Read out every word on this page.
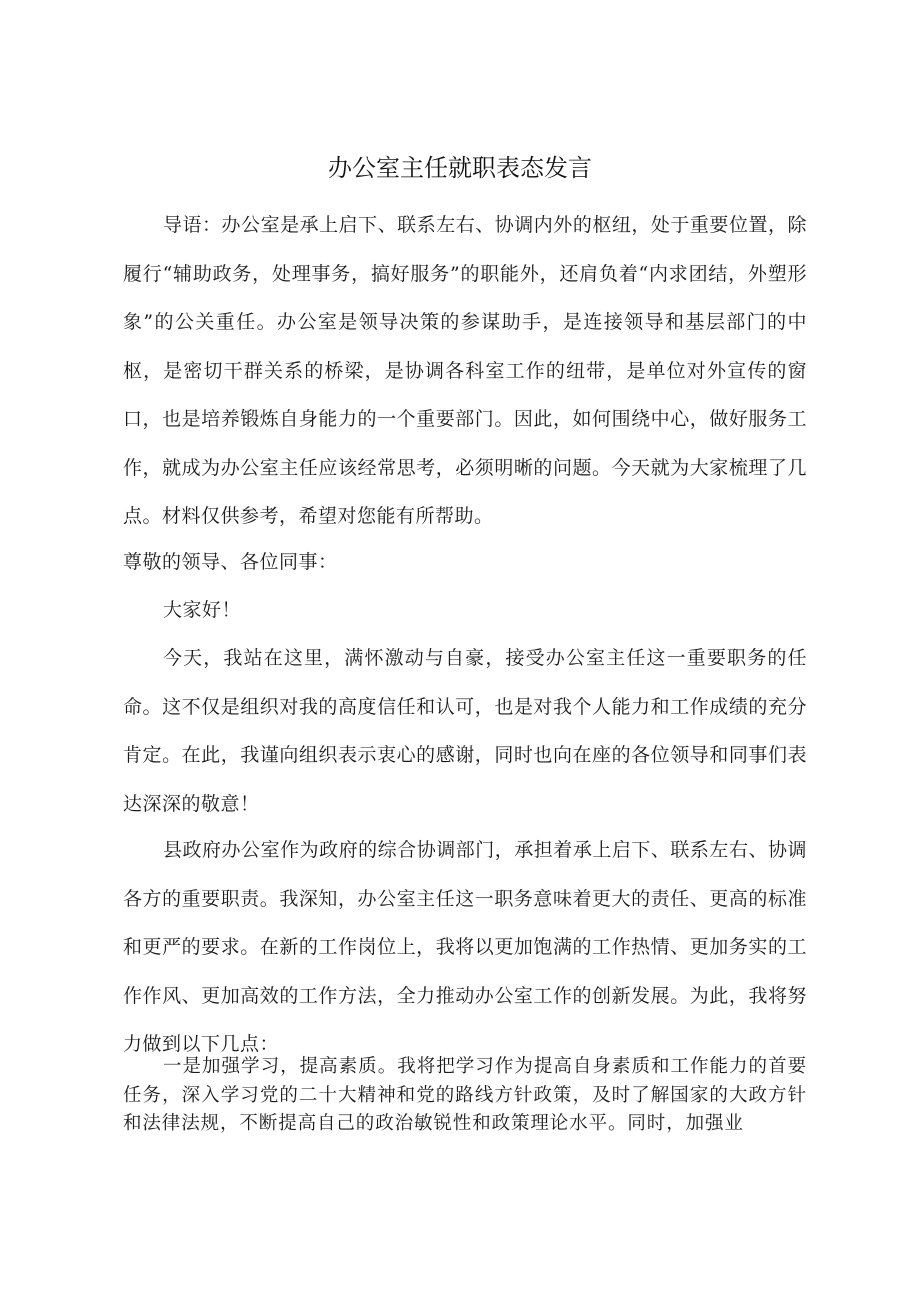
办公室主任就职表态发言

导语：办公室是承上启下、联系左右、协调内外的枢纽，处于重要位置，除履行“辅助政务，处理事务，搞好服务”的职能外，还肩负着“内求团结，外塑形象”的公关重任。办公室是领导决策的参谋助手，是连接领导和基层部门的中枢，是密切干群关系的桥梁，是协调各科室工作的纽带，是单位对外宣传的窗口，也是培养锻炼自身能力的一个重要部门。因此，如何围绕中心，做好服务工作，就成为办公室主任应该经常思考，必须明晰的问题。今天就为大家梳理了几点。材料仅供参考，希望对您能有所帮助。

尊敬的领导、各位同事：

大家好！

今天，我站在这里，满怀激动与自豪，接受办公室主任这一重要职务的任命。这不仅是组织对我的高度信任和认可，也是对我个人能力和工作成绩的充分肯定。在此，我谨向组织表示衷心的感谢，同时也向在座的各位领导和同事们表达深深的敬意！

县政府办公室作为政府的综合协调部门，承担着承上启下、联系左右、协调各方的重要职责。我深知，办公室主任这一职务意味着更大的责任、更高的标准和更严的要求。在新的工作岗位上，我将以更加饱满的工作热情、更加务实的工作作风、更加高效的工作方法，全力推动办公室工作的创新发展。为此，我将努力做到以下几点：

一是加强学习，提高素质。我将把学习作为提高自身素质和工作能力的首要任务，深入学习党的二十大精神和党的路线方针政策，及时了解国家的大政方针和法律法规，不断提高自己的政治敏锐性和政策理论水平。同时，加强业
